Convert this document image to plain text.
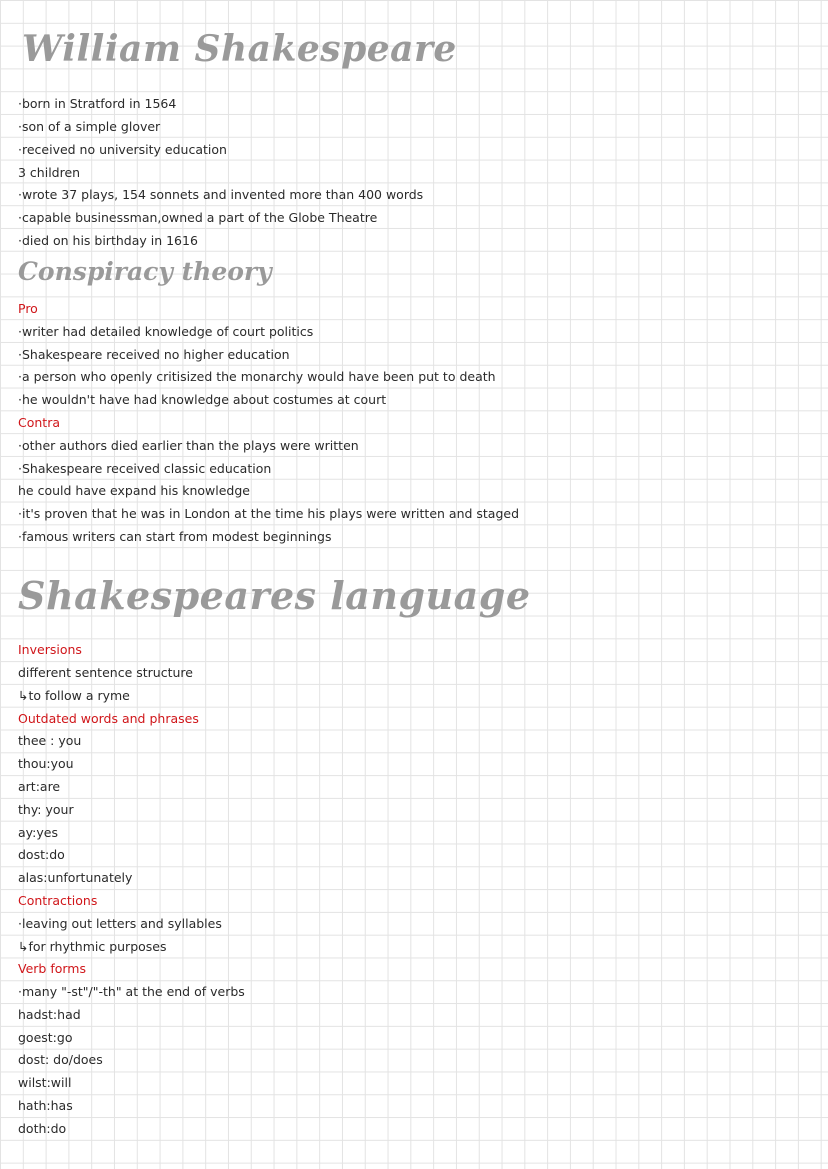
William Shakespeare

·born in Stratford in 1564

·son of a simple glover

·received no university education

3 children

·wrote 37 plays, 154 sonnets and invented more than 400 words

·capable businessman,owned a part of the Globe Theatre

·died on his birthday in 1616

Conspiracy theory

Pro

·writer had detailed knowledge of court politics

·Shakespeare received no higher education

·a person who openly critisized the monarchy would have been put to death

·he wouldn't have had knowledge about costumes at court

Contra

·other authors died earlier than the plays were written

·Shakespeare received classic education

he could have expand his knowledge

·it's proven that he was in London at the time his plays were written and staged

·famous writers can start from modest beginnings

Shakespeares language

Inversions

different sentence structure

↳to follow a ryme

Outdated words and phrases

thee : you

thou:you

art:are

thy: your

ay:yes

dost:do

alas:unfortunately

Contractions

·leaving out letters and syllables

↳for rhythmic purposes

Verb forms

·many "-st"/"-th" at the end of verbs

hadst:had

goest:go

dost: do/does

wilst:will

hath:has

doth:do
